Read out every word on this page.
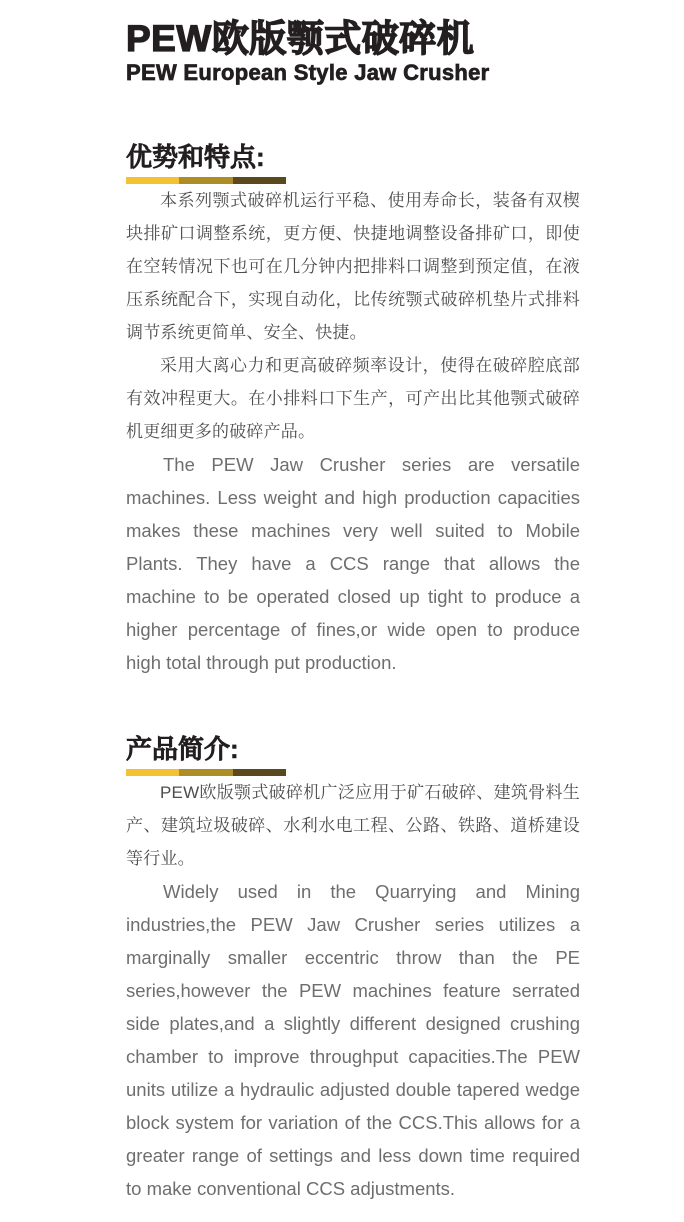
PEW欧版颚式破碎机
PEW European Style Jaw Crusher
优势和特点:

本系列颚式破碎机运行平稳、使用寿命长，装备有双楔块排矿口调整系统，更方便、快捷地调整设备排矿口，即使在空转情况下也可在几分钟内把排料口调整到预定值，在液压系统配合下，实现自动化，比传统颚式破碎机垫片式排料调节系统更简单、安全、快捷。

采用大离心力和更高破碎频率设计，使得在破碎腔底部有效冲程更大。在小排料口下生产，可产出比其他颚式破碎机更细更多的破碎产品。

The PEW Jaw Crusher series are versatile machines. Less weight and high production capacities makes these machines very well suited to Mobile Plants. They have a CCS range that allows the machine to be operated closed up tight to produce a higher percentage of fines,or wide open to produce high total through put production.

产品简介:

PEW欧版颚式破碎机广泛应用于矿石破碎、建筑骨料生产、建筑垃圾破碎、水利水电工程、公路、铁路、道桥建设等行业。

Widely used in the Quarrying and Mining industries,the PEW Jaw Crusher series utilizes a marginally smaller eccentric throw than the PE series,however the PEW machines feature serrated side plates,and a slightly different designed crushing chamber to improve throughput capacities.The PEW units utilize a hydraulic adjusted double tapered wedge block system for variation of the CCS.This allows for a greater range of settings and less down time required to make conventional CCS adjustments.
